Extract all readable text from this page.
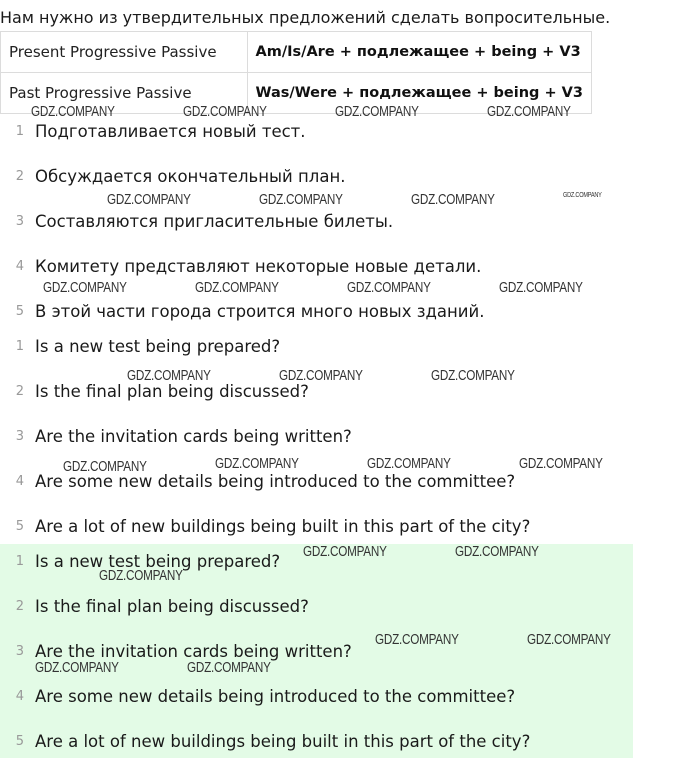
Нам нужно из утвердительных предложений сделать вопросительные.
Present Progressive Passive	Am/Is/Are + подлежащее + being + V3
Past Progressive Passive	Was/Were + подлежащее + being + V3
1 Подготавливается новый тест.
2 Обсуждается окончательный план.
3 Составляются пригласительные билеты.
4 Комитету представляют некоторые новые детали.
5 В этой части города строится много новых зданий.
1 Is a new test being prepared?
2 Is the final plan being discussed?
3 Are the invitation cards being written?
4 Are some new details being introduced to the committee?
5 Are a lot of new buildings being built in this part of the city?
1 Is a new test being prepared?
2 Is the final plan being discussed?
3 Are the invitation cards being written?
4 Are some new details being introduced to the committee?
5 Are a lot of new buildings being built in this part of the city?
GDZ.COMPANY	GDZ.COMPANY	GDZ.COMPANY	GDZ.COMPANY
GDZ.COMPANY	GDZ.COMPANY	GDZ.COMPANY	GDZ.COMPANY
GDZ.COMPANY	GDZ.COMPANY	GDZ.COMPANY	GDZ.COMPANY
GDZ.COMPANY	GDZ.COMPANY	GDZ.COMPANY
GDZ.COMPANY	GDZ.COMPANY	GDZ.COMPANY	GDZ.COMPANY
GDZ.COMPANY	GDZ.COMPANY
GDZ.COMPANY
GDZ.COMPANY	GDZ.COMPANY
GDZ.COMPANY	GDZ.COMPANY
